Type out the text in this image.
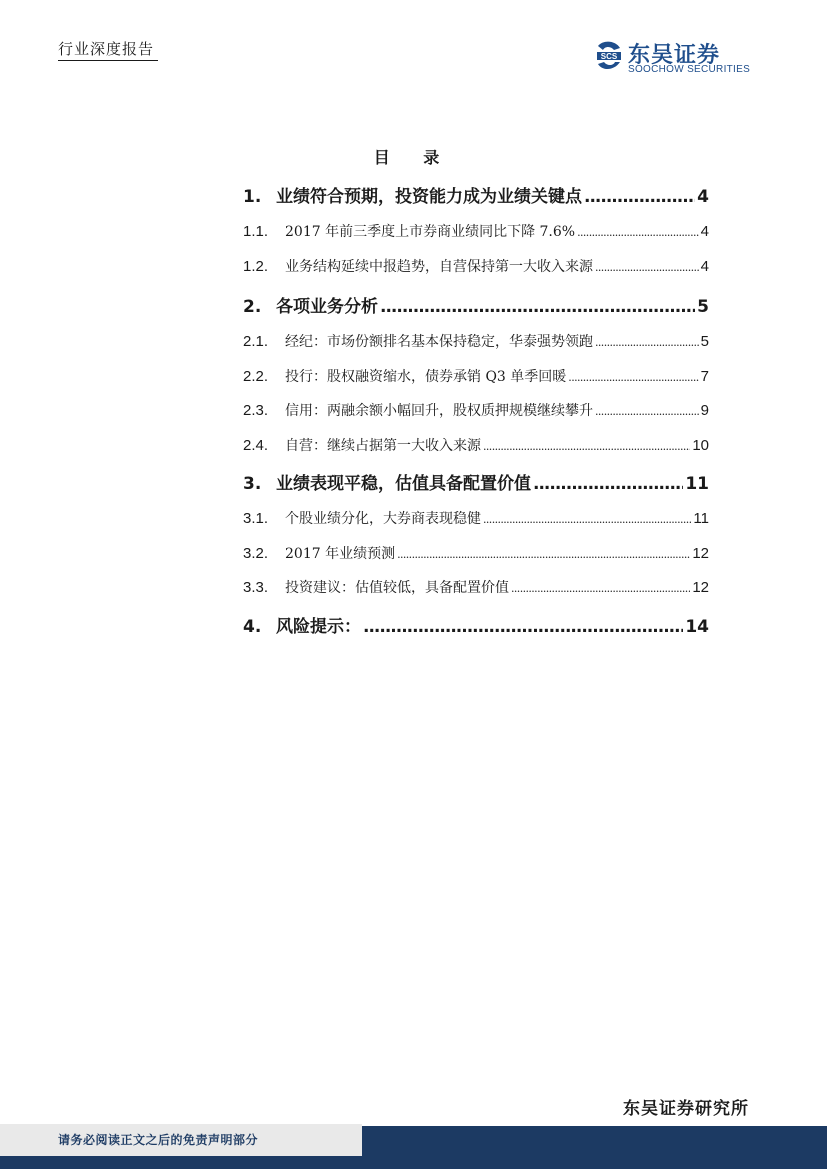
行业深度报告	SCS 东吴证券
SOOCHOW SECURITIES
目 录
1. 业绩符合预期，投资能力成为业绩关键点 .....	4
1.1.	2017 年前三季度上市券商业绩同比下降 7.6% .....	4
1.2.	业务结构延续中报趋势，自营保持第一大收入来源 .....	4
2. 各项业务分析 .....	5
2.1.	经纪：市场份额排名基本保持稳定，华泰强势领跑 .....	5
2.2.	投行：股权融资缩水，债券承销 Q3 单季回暖 .....	7
2.3.	信用：两融余额小幅回升，股权质押规模继续攀升 .....	9
2.4.	自营：继续占据第一大收入来源 .....	10
3. 业绩表现平稳，估值具备配置价值 .....	11
3.1.	个股业绩分化，大券商表现稳健 .....	11
3.2.	2017 年业绩预测 .....	12
3.3.	投资建议：估值较低，具备配置价值 .....	12
4. 风险提示： .....	14
东吴证券研究所
请务必阅读正文之后的免责声明部分
